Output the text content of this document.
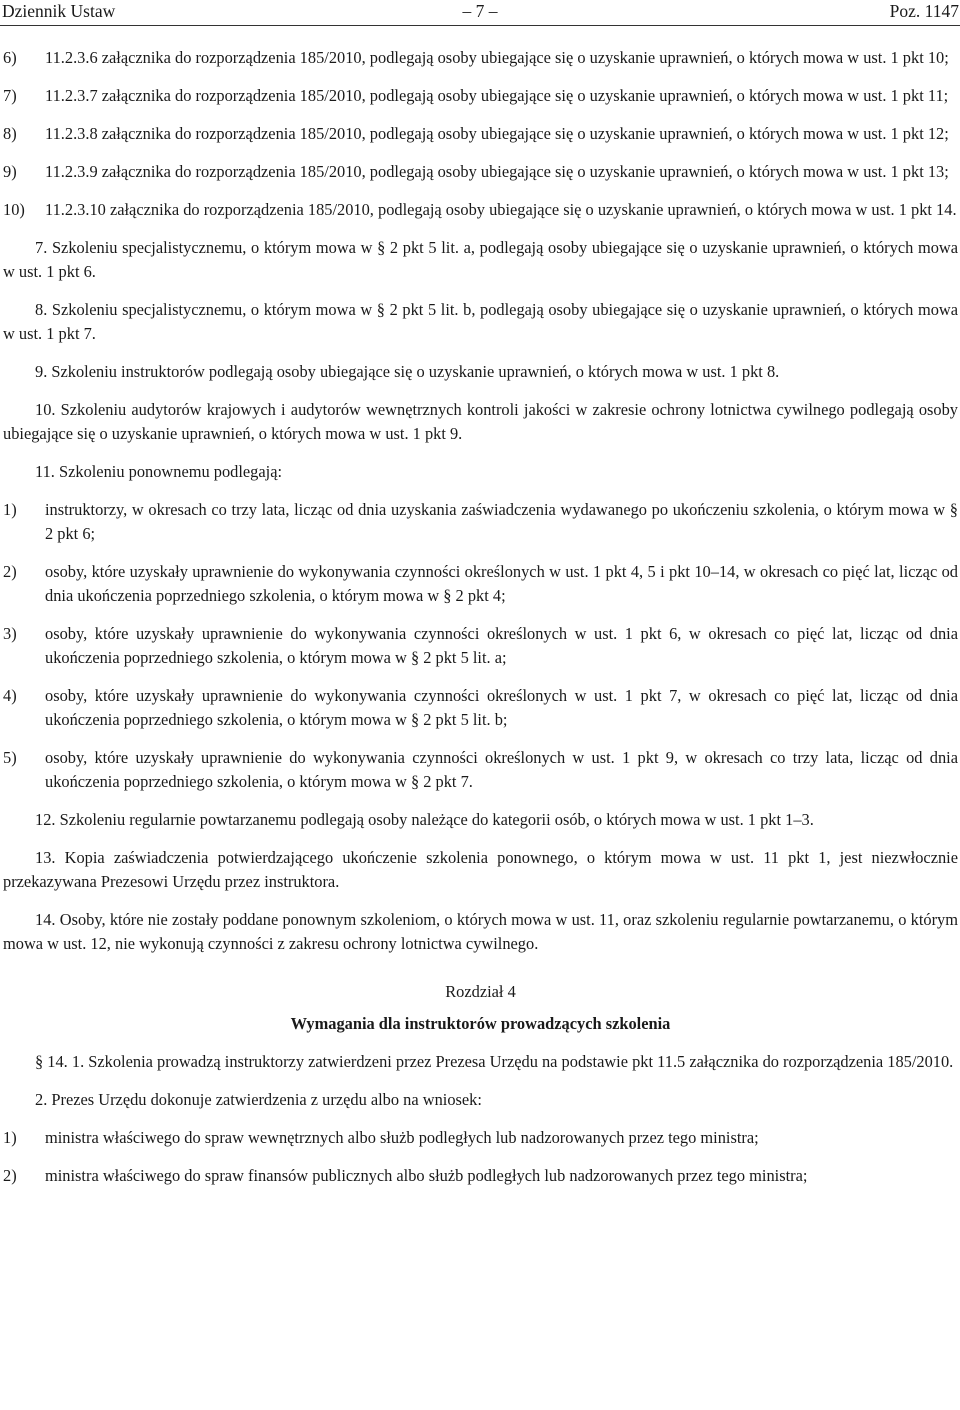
Dziennik Ustaw	– 7 –	Poz. 1147
6)	11.2.3.6 załącznika do rozporządzenia 185/2010, podlegają osoby ubiegające się o uzyskanie uprawnień, o których mowa w ust. 1 pkt 10;
7)	11.2.3.7 załącznika do rozporządzenia 185/2010, podlegają osoby ubiegające się o uzyskanie uprawnień, o których mowa w ust. 1 pkt 11;
8)	11.2.3.8 załącznika do rozporządzenia 185/2010, podlegają osoby ubiegające się o uzyskanie uprawnień, o których mowa w ust. 1 pkt 12;
9)	11.2.3.9 załącznika do rozporządzenia 185/2010, podlegają osoby ubiegające się o uzyskanie uprawnień, o których mowa w ust. 1 pkt 13;
10)	11.2.3.10 załącznika do rozporządzenia 185/2010, podlegają osoby ubiegające się o uzyskanie uprawnień, o których mowa w ust. 1 pkt 14.
7. Szkoleniu specjalistycznemu, o którym mowa w § 2 pkt 5 lit. a, podlegają osoby ubiegające się o uzyskanie uprawnień, o których mowa w ust. 1 pkt 6.
8. Szkoleniu specjalistycznemu, o którym mowa w § 2 pkt 5 lit. b, podlegają osoby ubiegające się o uzyskanie uprawnień, o których mowa w ust. 1 pkt 7.
9. Szkoleniu instruktorów podlegają osoby ubiegające się o uzyskanie uprawnień, o których mowa w ust. 1 pkt 8.
10. Szkoleniu audytorów krajowych i audytorów wewnętrznych kontroli jakości w zakresie ochrony lotnictwa cywilnego podlegają osoby ubiegające się o uzyskanie uprawnień, o których mowa w ust. 1 pkt 9.
11. Szkoleniu ponownemu podlegają:
1)	instruktorzy, w okresach co trzy lata, licząc od dnia uzyskania zaświadczenia wydawanego po ukończeniu szkolenia, o którym mowa w § 2 pkt 6;
2)	osoby, które uzyskały uprawnienie do wykonywania czynności określonych w ust. 1 pkt 4, 5 i pkt 10–14, w okresach co pięć lat, licząc od dnia ukończenia poprzedniego szkolenia, o którym mowa w § 2 pkt 4;
3)	osoby, które uzyskały uprawnienie do wykonywania czynności określonych w ust. 1 pkt 6, w okresach co pięć lat, licząc od dnia ukończenia poprzedniego szkolenia, o którym mowa w § 2 pkt 5 lit. a;
4)	osoby, które uzyskały uprawnienie do wykonywania czynności określonych w ust. 1 pkt 7, w okresach co pięć lat, licząc od dnia ukończenia poprzedniego szkolenia, o którym mowa w § 2 pkt 5 lit. b;
5)	osoby, które uzyskały uprawnienie do wykonywania czynności określonych w ust. 1 pkt 9, w okresach co trzy lata, licząc od dnia ukończenia poprzedniego szkolenia, o którym mowa w § 2 pkt 7.
12. Szkoleniu regularnie powtarzanemu podlegają osoby należące do kategorii osób, o których mowa w ust. 1 pkt 1–3.
13. Kopia zaświadczenia potwierdzającego ukończenie szkolenia ponownego, o którym mowa w ust. 11 pkt 1, jest niezwłocznie przekazywana Prezesowi Urzędu przez instruktora.
14. Osoby, które nie zostały poddane ponownym szkoleniom, o których mowa w ust. 11, oraz szkoleniu regularnie powtarzanemu, o którym mowa w ust. 12, nie wykonują czynności z zakresu ochrony lotnictwa cywilnego.
Rozdział 4
Wymagania dla instruktorów prowadzących szkolenia
§ 14. 1. Szkolenia prowadzą instruktorzy zatwierdzeni przez Prezesa Urzędu na podstawie pkt 11.5 załącznika do rozporządzenia 185/2010.
2. Prezes Urzędu dokonuje zatwierdzenia z urzędu albo na wniosek:
1)	ministra właściwego do spraw wewnętrznych albo służb podległych lub nadzorowanych przez tego ministra;
2)	ministra właściwego do spraw finansów publicznych albo służb podległych lub nadzorowanych przez tego ministra;
